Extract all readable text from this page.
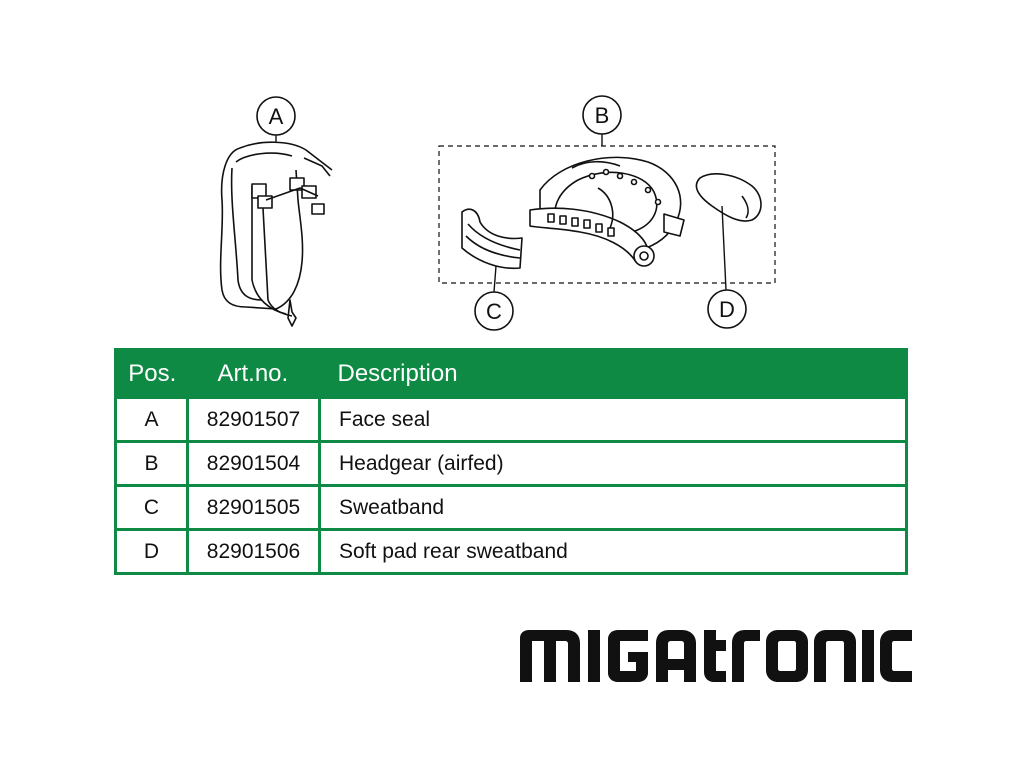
A	B
C	D
Pos.	Art.no.	Description
A	82901507	Face seal
B	82901504	Headgear (airfed)
C	82901505	Sweatband
D	82901506	Soft pad rear sweatband
